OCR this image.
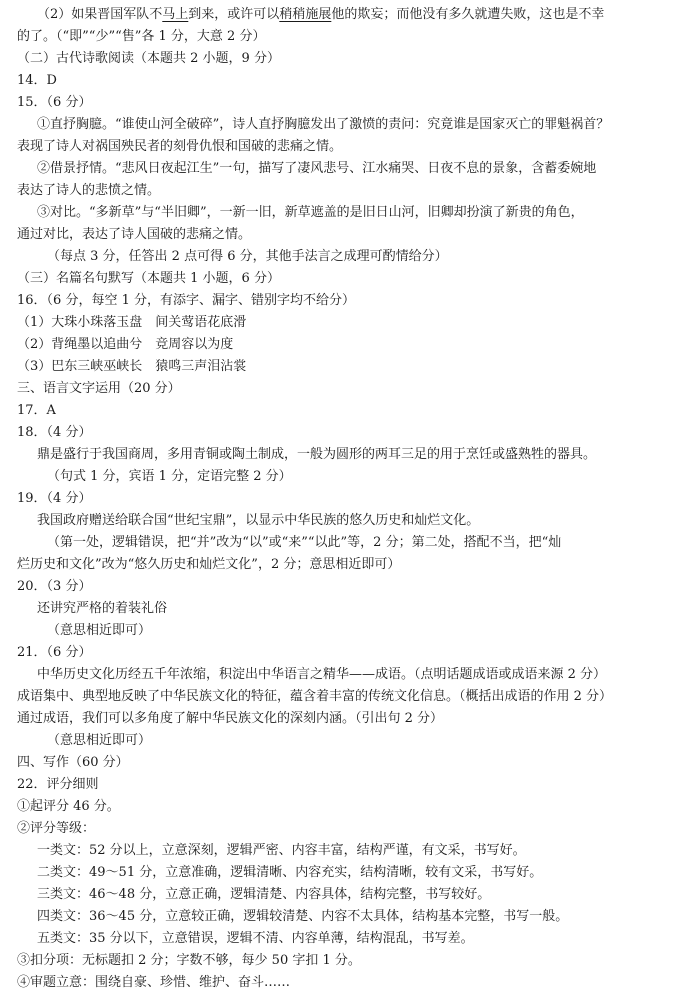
（2）如果晋国军队不马上到来，或许可以稍稍施展他的欺妄；而他没有多久就遭失败，这也是不幸
的了。（“即”“少”“售”各 1 分，大意 2 分）
（二）古代诗歌阅读（本题共 2 小题，9 分）
14．D
15．（6 分）
①直抒胸臆。“谁使山河全破碎”，诗人直抒胸臆发出了激愤的责问：究竟谁是国家灭亡的罪魁祸首？
表现了诗人对祸国殃民者的刻骨仇恨和国破的悲痛之情。
②借景抒情。“悲风日夜起江生”一句，描写了凄风悲号、江水痛哭、日夜不息的景象，含蓄委婉地
表达了诗人的悲愤之情。
③对比。“多新草”与“半旧卿”，一新一旧，新草遮盖的是旧日山河，旧卿却扮演了新贵的角色，
通过对比，表达了诗人国破的悲痛之情。
（每点 3 分，任答出 2 点可得 6 分，其他手法言之成理可酌情给分）
（三）名篇名句默写（本题共 1 小题，6 分）
16．（6 分，每空 1 分，有添字、漏字、错别字均不给分）
（1）大珠小珠落玉盘　间关莺语花底滑
（2）背绳墨以追曲兮　竞周容以为度
（3）巴东三峡巫峡长　猿鸣三声泪沾裳
三、语言文字运用（20 分）
17．A
18．（4 分）
鼎是盛行于我国商周，多用青铜或陶土制成，一般为圆形的两耳三足的用于烹饪或盛熟牲的器具。
（句式 1 分，宾语 1 分，定语完整 2 分）
19．（4 分）
我国政府赠送给联合国“世纪宝鼎”，以显示中华民族的悠久历史和灿烂文化。
（第一处，逻辑错误，把“并”改为“以”或“来”“以此”等，2 分；第二处，搭配不当，把“灿
烂历史和文化”改为“悠久历史和灿烂文化”，2 分；意思相近即可）
20．（3 分）
还讲究严格的着装礼俗
（意思相近即可）
21．（6 分）
中华历史文化历经五千年浓缩，积淀出中华语言之精华——成语。（点明话题成语或成语来源 2 分）
成语集中、典型地反映了中华民族文化的特征，蕴含着丰富的传统文化信息。（概括出成语的作用 2 分）
通过成语，我们可以多角度了解中华民族文化的深刻内涵。（引出句 2 分）
（意思相近即可）
四、写作（60 分）
22．评分细则
①起评分 46 分。
②评分等级：
一类文：52 分以上，立意深刻，逻辑严密、内容丰富，结构严谨，有文采，书写好。
二类文：49～51 分，立意准确，逻辑清晰、内容充实，结构清晰，较有文采，书写好。
三类文：46～48 分，立意正确，逻辑清楚、内容具体，结构完整，书写较好。
四类文：36～45 分，立意较正确，逻辑较清楚、内容不太具体，结构基本完整，书写一般。
五类文：35 分以下，立意错误，逻辑不清、内容单薄，结构混乱，书写差。
③扣分项：无标题扣 2 分；字数不够，每少 50 字扣 1 分。
④审题立意：围绕自豪、珍惜、维护、奋斗……
